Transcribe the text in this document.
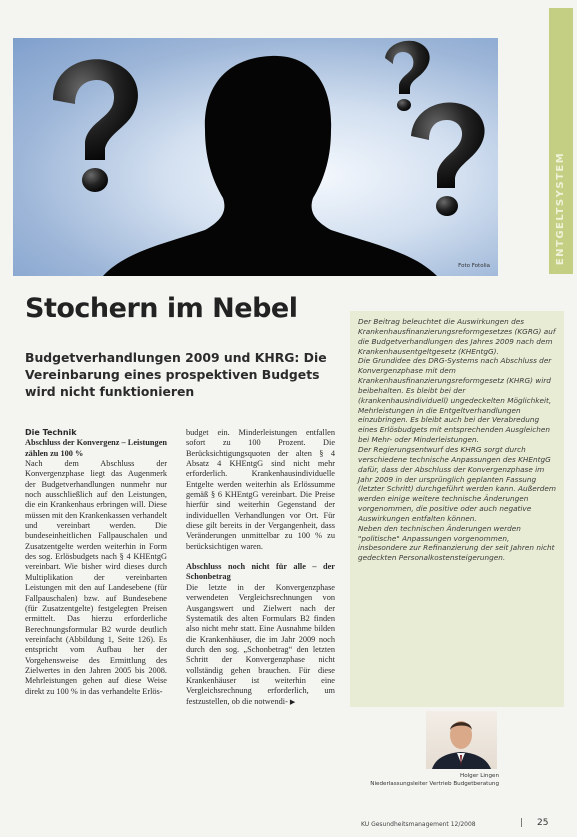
Foto Fotolia
ENTGELTSYSTEM
Stochern im Nebel
Budgetverhandlungen 2009 und KHRG: Die Vereinbarung eines prospektiven Budgets wird nicht funktionieren

Die Technik

Abschluss der Konvergenz – Leistungen zählen zu 100 %

Nach dem Abschluss der Konvergenzphase liegt das Augenmerk der Budgetverhandlungen nunmehr nur noch ausschließlich auf den Leistungen, die ein Krankenhaus erbringen will. Diese müssen mit den Krankenkassen verhandelt und vereinbart werden. Die bundeseinheitlichen Fallpauschalen und Zusatzentgelte werden weiterhin in Form des sog. Erlösbudgets nach § 4 KHEntgG vereinbart. Wie bisher wird dieses durch Multiplikation der vereinbarten Leistungen mit den auf Landesebene (für Fallpauschalen) bzw. auf Bundesebene (für Zusatzentgelte) festgelegten Preisen ermittelt. Das hierzu erforderliche Berechnungsformular B2 wurde deutlich vereinfacht (Abbildung 1, Seite 126). Es entspricht vom Aufbau her der Vorgehensweise des Ermittlung des Zielwertes in den Jahren 2005 bis 2008. Mehrleistungen gehen auf diese Weise direkt zu 100 % in das verhandelte Erlös-

budget ein. Minderleistungen entfallen sofort zu 100 Prozent. Die Berücksichtigungsquoten der alten § 4 Absatz 4 KHEntgG sind nicht mehr erforderlich. Krankenhausindividuelle Entgelte werden weiterhin als Erlössumme gemäß § 6 KHEntgG vereinbart. Die Preise hierfür sind weiterhin Gegenstand der individuellen Verhandlungen vor Ort. Für diese gilt bereits in der Vergangenheit, dass Veränderungen unmittelbar zu 100 % zu berücksichtigen waren.

Abschluss noch nicht für alle – der Schonbetrag

Die letzte in der Konvergenzphase verwendeten Vergleichsrechnungen von Ausgangswert und Zielwert nach der Systematik des alten Formulars B2 finden also nicht mehr statt. Eine Ausnahme bilden die Krankenhäuser, die im Jahr 2009 noch durch den sog. „Schonbetrag“ den letzten Schritt der Konvergenzphase nicht vollständig gehen brauchen. Für diese Krankenhäuser ist weiterhin eine Vergleichsrechnung erforderlich, um festzustellen, ob die notwendi- ▶

Der Beitrag beleuchtet die Auswirkungen des Krankenhausfinanzierungsreformgesetzes (KGRG) auf die Budgetverhandlungen des Jahres 2009 nach dem Krankenhausentgeltgesetz (KHEntgG).

Die Grundidee des DRG-Systems nach Abschluss der Konvergenzphase mit dem Krankenhausfinanzierungsreformgesetz (KHRG) wird beibehalten. Es bleibt bei der (krankenhausindividuell) ungedeckelten Möglichkeit, Mehrleistungen in die Entgeltverhandlungen einzubringen. Es bleibt auch bei der Verabredung eines Erlösbudgets mit entsprechenden Ausgleichen bei Mehr- oder Minderleistungen.

Der Regierungsentwurf des KHRG sorgt durch verschiedene technische Anpassungen des KHEntgG dafür, dass der Abschluss der Konvergenzphase im Jahr 2009 in der ursprünglich geplanten Fassung (letzter Schritt) durchgeführt werden kann. Außerdem werden einige weitere technische Änderungen vorgenommen, die positive oder auch negative Auswirkungen entfalten können.

Neben den technischen Änderungen werden "politische" Anpassungen vorgenommen, insbesondere zur Refinanzierung der seit Jahren nicht gedeckten Personalkostensteigerungen.

Holger Lingen
Niederlassungsleiter Vertrieb Budgetberatung
KU Gesundheitsmanagement 12/2008	| 25
